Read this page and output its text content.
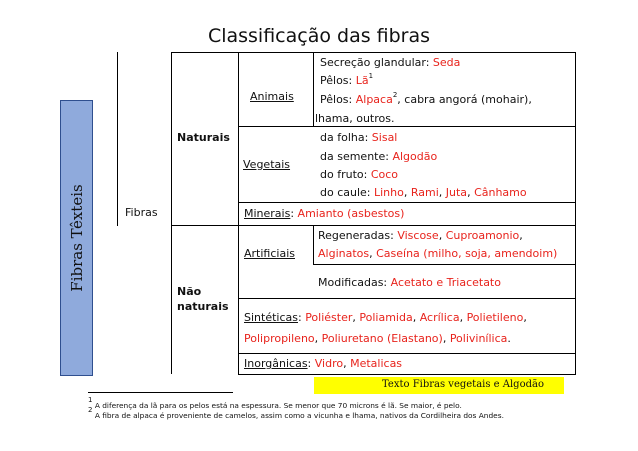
Classificação das fibras
Fibras Têxteis	Fibras
Naturais
Não
naturais
Animais
Secreção glandular: Seda
Pêlos: $Lã^1$
Pêlos: Alpaca$^2$, cabra angorá (mohair),
lhama, outros.
Vegetais
da folha: Sisal
da semente: Algodão
do fruto: Coco
do caule: Linho, Rami, Juta, Cânhamo
Minerais: Amianto (asbestos)
Artificiais
Regeneradas: Viscose, Cuproamonio,
Alginatos, Caseína (milho, soja, amendoim)
Modificadas: Acetato e Triacetato
Sintéticas: Poliéster, Poliamida, Acrílica, Polietileno,
Polipropileno, Poliuretano (Elastano), Polivinílica.
Inorgânicas: Vidro, Metalicas
Texto Fibras vegetais e Algodão
$^1$ A diferença da lã para os pelos está na espessura. Se menor que 70 microns é lã. Se maior, é pelo.
$^2$ A fibra de alpaca é proveniente de camelos, assim como a vicunha e lhama, nativos da Cordilheira dos Andes.
